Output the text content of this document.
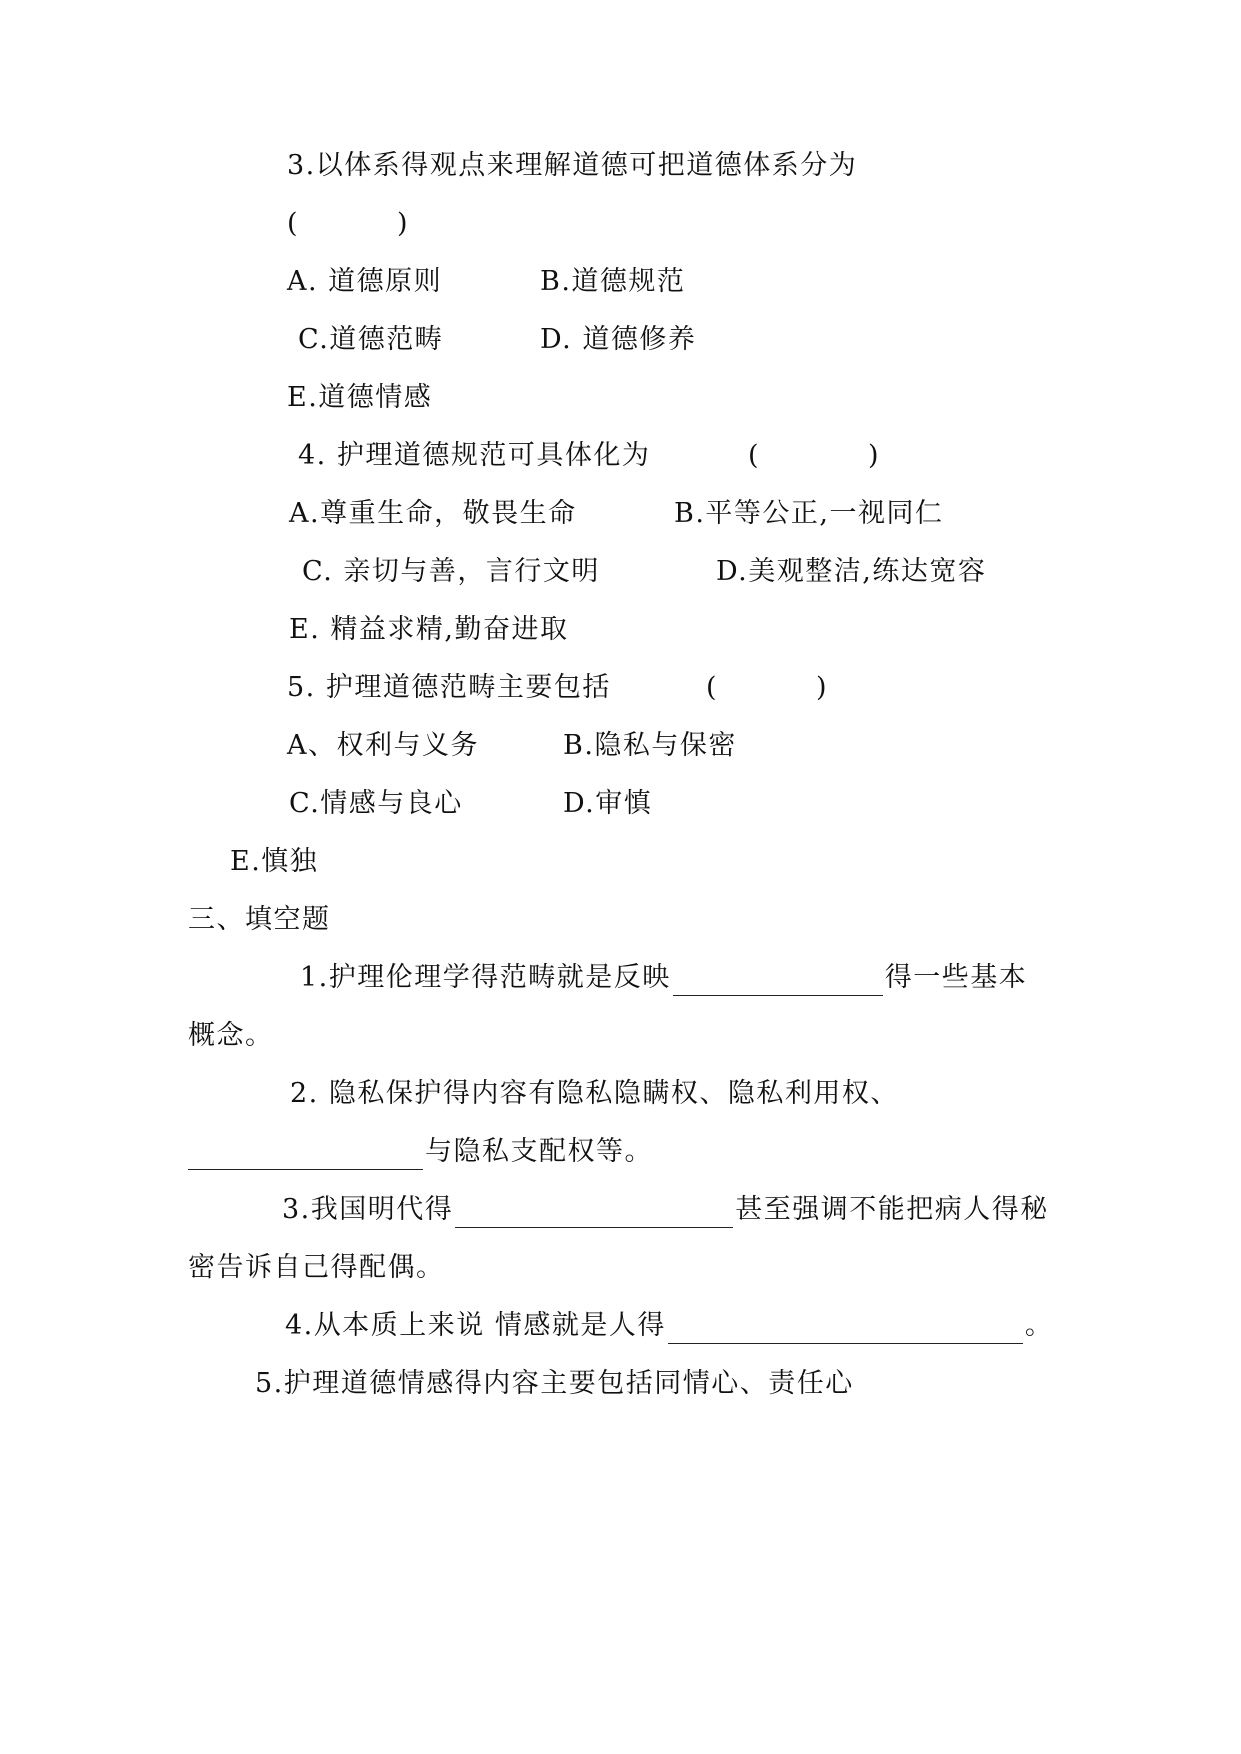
3.以体系得观点来理解道德可把道德体系分为
(	)
A. 道德原则	B.道德规范
C.道德范畴	D. 道德修养
E.道德情感
4. 护理道德规范可具体化为	(	)
A.尊重生命，敬畏生命	B.平等公正,一视同仁
C. 亲切与善，言行文明	D.美观整洁,练达宽容
E. 精益求精,勤奋进取
5. 护理道德范畴主要包括	(	)
A、权利与义务	B.隐私与保密
C.情感与良心	D.审慎
E.慎独
三、填空题
1.护理伦理学得范畴就是反映	得一些基本
概念。
2. 隐私保护得内容有隐私隐瞒权、隐私利用权、
与隐私支配权等。
3.我国明代得	甚至强调不能把病人得秘
密告诉自己得配偶。
4.从本质上来说 情感就是人得	。
5.护理道德情感得内容主要包括同情心、责任心
